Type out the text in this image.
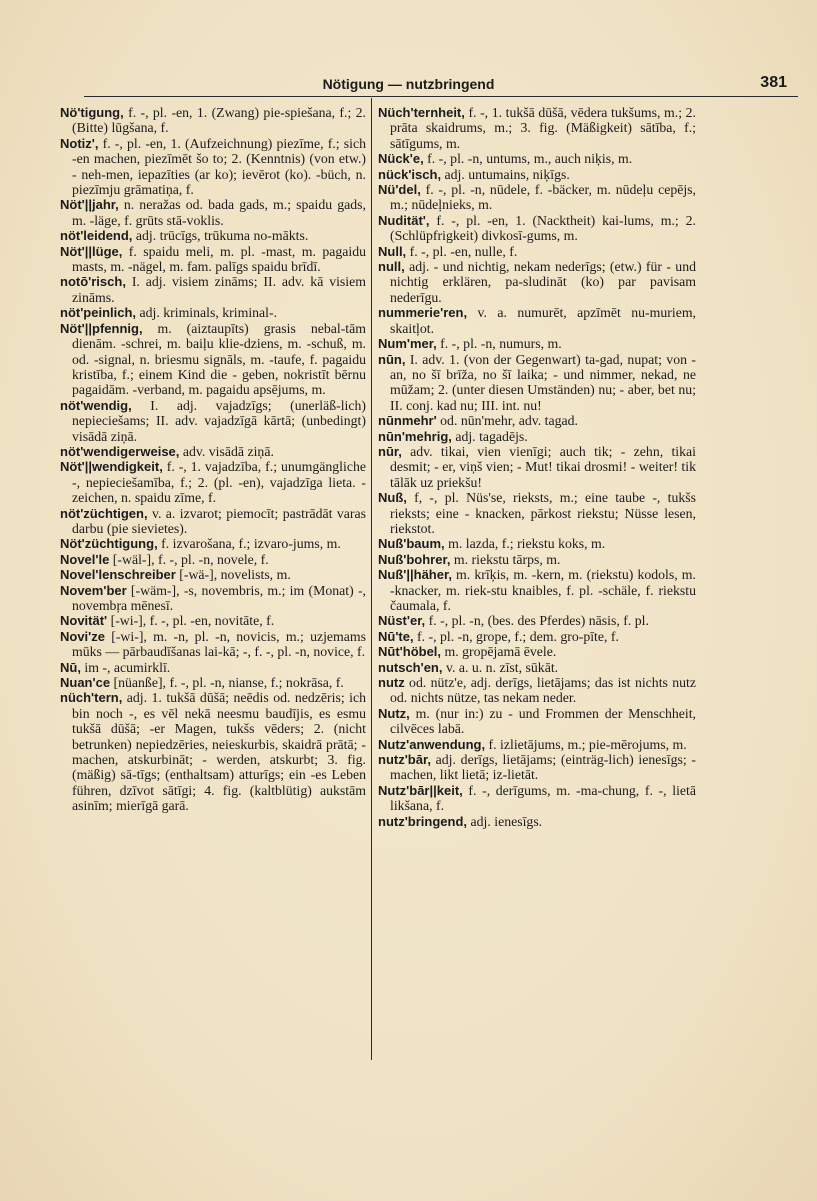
Nötigung — nutzbringend	381
Nö'tigung, f. -, pl. -en, 1. (Zwang) pie-spiešana, f.; 2. (Bitte) lūgšana, f.
Notiz', f. -, pl. -en, 1. (Aufzeichnung) piezīme, f.; sich -en machen, piezīmēt šo to; 2. (Kenntnis) (von etw.) - neh-men, iepazīties (ar ko); ievērot (ko). -büch, n. piezīmju grāmatiņa, f.
Nöt'||jahr, n. neražas od. bada gads, m.; spaidu gads, m. -läge, f. grūts stā-voklis.
nöt'leidend, adj. trūcīgs, trūkuma no-mākts.
Nöt'||lüge, f. spaidu meli, m. pl. -mast, m. pagaidu masts, m. -nägel, m. fam. palīgs spaidu brīdī.
notō'risch, I. adj. visiem zināms; II. adv. kā visiem zināms.
nöt'peinlich, adj. kriminals, kriminal-.
Nöt'||pfennig, m. (aiztaupīts) grasis nebal-tām dienām. -schrei, m. baiļu klie-dziens, m. -schuß, m. od. -signal, n. briesmu signāls, m. -taufe, f. pagaidu kristība, f.; einem Kind die - geben, nokristīt bērnu pagaidām. -verband, m. pagaidu apsējums, m.
nöt'wendig, I. adj. vajadzīgs; (unerläß-lich) nepieciešams; II. adv. vajadzīgā kārtā; (unbedingt) visādā ziņā.
nöt'wendigerweise, adv. visādā ziņā.
Nöt'||wendigkeit, f. -, 1. vajadzība, f.; unumgängliche -, nepieciešamība, f.; 2. (pl. -en), vajadzīga lieta. -zeichen, n. spaidu zīme, f.
nöt'züchtigen, v. a. izvarot; piemocīt; pastrādāt varas darbu (pie sievietes).
Nöt'züchtigung, f. izvarošana, f.; izvaro-jums, m.
Novel'le [-wäl-], f. -, pl. -n, novele, f.
Novel'lenschreiber [-wä-], novelists, m.
Novem'ber [-wäm-], -s, novembris, m.; im (Monat) -, novembŗa mēnesī.
Novität' [-wi-], f. -, pl. -en, novitāte, f.
Novi'ze [-wi-], m. -n, pl. -n, novicis, m.; uzjemams mūks — pārbaudīšanas lai-kā; -, f. -, pl. -n, novice, f.
Nū, im -, acumirklī.
Nuan'ce [nüanße], f. -, pl. -n, nianse, f.; nokrāsa, f.
nüch'tern, adj. 1. tukšā dūšā; neēdis od. nedzēris; ich bin noch -, es vēl nekā neesmu baudījis, es esmu tukšā dūšā; -er Magen, tukšs vēders; 2. (nicht betrunken) nepiedzēries, neieskurbis, skaidrā prātā; - machen, atskurbināt; - werden, atskurbt; 3. fig. (mäßig) sā-tīgs; (enthaltsam) atturīgs; ein -es Leben führen, dzīvot sātīgi; 4. fig. (kaltblütig) aukstām asinīm; mierīgā garā.
Nüch'ternheit, f. -, 1. tukšā dūšā, vēdera tukšums, m.; 2. prāta skaidrums, m.; 3. fig. (Mäßigkeit) sātība, f.; sātīgums, m.
Nück'e, f. -, pl. -n, untums, m., auch niķis, m.
nück'isch, adj. untumains, niķīgs.
Nü'del, f. -, pl. -n, nūdele, f. -bäcker, m. nūdeļu cepējs, m.; nūdeļnieks, m.
Nudität', f. -, pl. -en, 1. (Nacktheit) kai-lums, m.; 2. (Schlüpfrigkeit) divkosī-gums, m.
Null, f. -, pl. -en, nulle, f.
null, adj. - und nichtig, nekam nederīgs; (etw.) für - und nichtig erklären, pa-sludināt (ko) par pavisam nederīgu.
nummerie'ren, v. a. numurēt, apzīmēt nu-muriem, skaitļot.
Num'mer, f. -, pl. -n, numurs, m.
nūn, I. adv. 1. (von der Gegenwart) ta-gad, nupat; von - an, no šī brīža, no šī laika; - und nimmer, nekad, ne mūžam; 2. (unter diesen Umständen) nu; - aber, bet nu; II. conj. kad nu; III. int. nu!
nūnmehr' od. nūn'mehr, adv. tagad.
nūn'mehrig, adj. tagadējs.
nūr, adv. tikai, vien vienīgi; auch tik; - zehn, tikai desmit; - er, viņš vien; - Mut! tikai drosmi! - weiter! tik tālāk uz priekšu!
Nuß, f, -, pl. Nüs'se, rieksts, m.; eine taube -, tukšs rieksts; eine - knacken, pārkost riekstu; Nüsse lesen, riekstot.
Nuß'baum, m. lazda, f.; riekstu koks, m.
Nuß'bohrer, m. riekstu tārps, m.
Nuß'||häher, m. krīķis, m. -kern, m. (riekstu) kodols, m. -knacker, m. riek-stu knaibles, f. pl. -schäle, f. riekstu čaumala, f.
Nüst'er, f. -, pl. -n, (bes. des Pferdes) nāsis, f. pl.
Nū'te, f. -, pl. -n, grope, f.; dem. gro-pīte, f.
Nūt'höbel, m. gropējamā ēvele.
nutsch'en, v. a. u. n. zīst, sūkāt.
nutz od. nütz'e, adj. derīgs, lietājams; das ist nichts nutz od. nichts nütze, tas nekam neder.
Nutz, m. (nur in:) zu - und Frommen der Menschheit, cilvēces labā.
Nutz'anwendung, f. izlietājums, m.; pie-mērojums, m.
nutz'bār, adj. derīgs, lietājams; (einträg-lich) ienesīgs; - machen, likt lietā; iz-lietāt.
Nutz'bār||keit, f. -, derīgums, m. -ma-chung, f. -, lietā likšana, f.
nutz'bringend, adj. ienesīgs.
